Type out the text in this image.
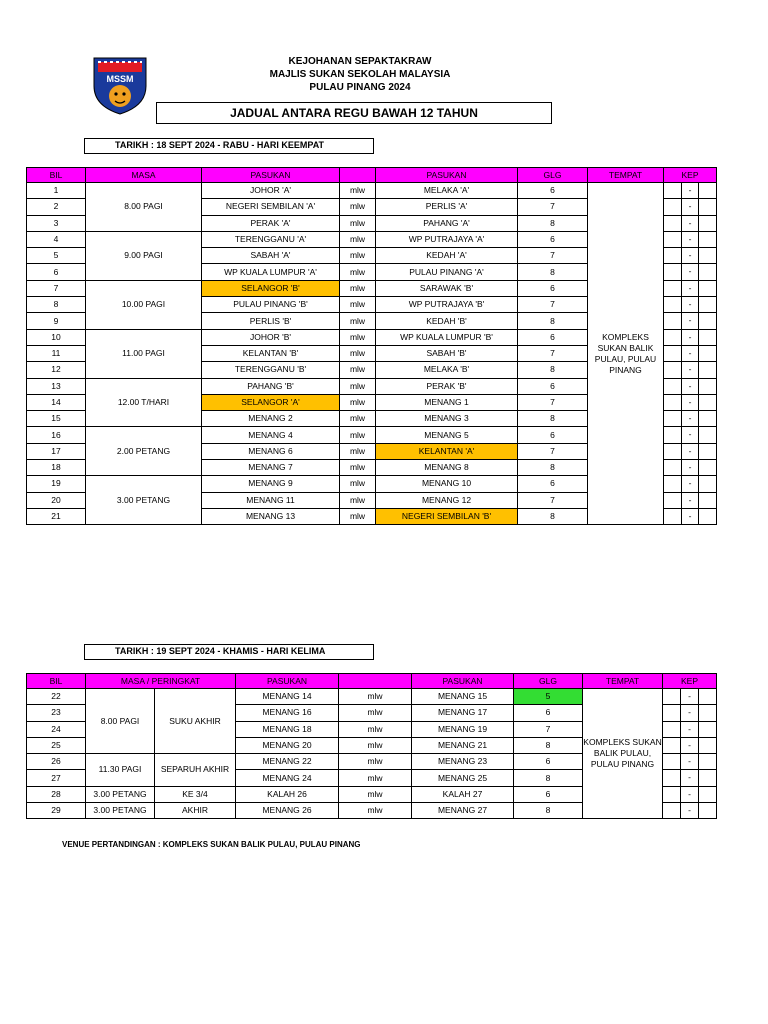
MSSM
KEJOHANAN SEPAKTAKRAW
MAJLIS SUKAN SEKOLAH MALAYSIA
PULAU PINANG 2024
JADUAL ANTARA REGU BAWAH 12 TAHUN
TARIKH : 18 SEPT 2024 - RABU - HARI KEEMPAT
BIL	MASA	PASUKAN		PASUKAN	GLG	TEMPAT	KEP
1	8.00 PAGI	JOHOR 'A'	mlw	MELAKA 'A'	6	KOMPLEKS SUKAN BALIK PULAU, PULAU PINANG	-

2		NEGERI SEMBILAN 'A'	mlw	PERLIS 'A'	7		-

3		PERAK 'A'	mlw	PAHANG 'A'	8		-

4	9.00 PAGI	TERENGGANU 'A'	mlw	WP PUTRAJAYA 'A'	6		-

5		SABAH 'A'	mlw	KEDAH 'A'	7		-

6		WP KUALA LUMPUR 'A'	mlw	PULAU PINANG 'A'	8		-

7	10.00 PAGI	SELANGOR 'B'	mlw	SARAWAK 'B'	6		-

8		PULAU PINANG 'B'	mlw	WP PUTRAJAYA 'B'	7		-

9		PERLIS 'B'	mlw	KEDAH 'B'	8		-

10	11.00 PAGI	JOHOR 'B'	mlw	WP KUALA LUMPUR 'B'	6		-

11		KELANTAN 'B'	mlw	SABAH 'B'	7		-

12		TERENGGANU 'B'	mlw	MELAKA 'B'	8		-

13	12.00 T/HARI	PAHANG 'B'	mlw	PERAK 'B'	6		-

14		SELANGOR 'A'	mlw	MENANG 1	7		-

15		MENANG 2	mlw	MENANG 3	8		-

16	2.00 PETANG	MENANG 4	mlw	MENANG 5	6		-

17		MENANG 6	mlw	KELANTAN 'A'	7		-

18		MENANG 7	mlw	MENANG 8	8		-

19	3.00 PETANG	MENANG 9	mlw	MENANG 10	6		-

20		MENANG 11	mlw	MENANG 12	7		-

21		MENANG 13	mlw	NEGERI SEMBILAN 'B'	8		-
TARIKH : 19 SEPT 2024 - KHAMIS - HARI KELIMA
BIL	MASA / PERINGKAT		PASUKAN		PASUKAN	GLG	TEMPAT	KEP
22	8.00 PAGI	SUKU AKHIR	MENANG 14	mlw	MENANG 15	5	KOMPLEKS SUKAN BALIK PULAU, PULAU PINANG	-

23			MENANG 16	mlw	MENANG 17	6		-

24			MENANG 18	mlw	MENANG 19	7		-

25			MENANG 20	mlw	MENANG 21	8		-

26	11.30 PAGI	SEPARUH AKHIR	MENANG 22	mlw	MENANG 23	6		-

27			MENANG 24	mlw	MENANG 25	8		-

28	3.00 PETANG	KE 3/4	KALAH 26	mlw	KALAH 27	6		-

29	3.00 PETANG	AKHIR	MENANG 26	mlw	MENANG 27	8		-
VENUE PERTANDINGAN : KOMPLEKS SUKAN BALIK PULAU, PULAU PINANG
